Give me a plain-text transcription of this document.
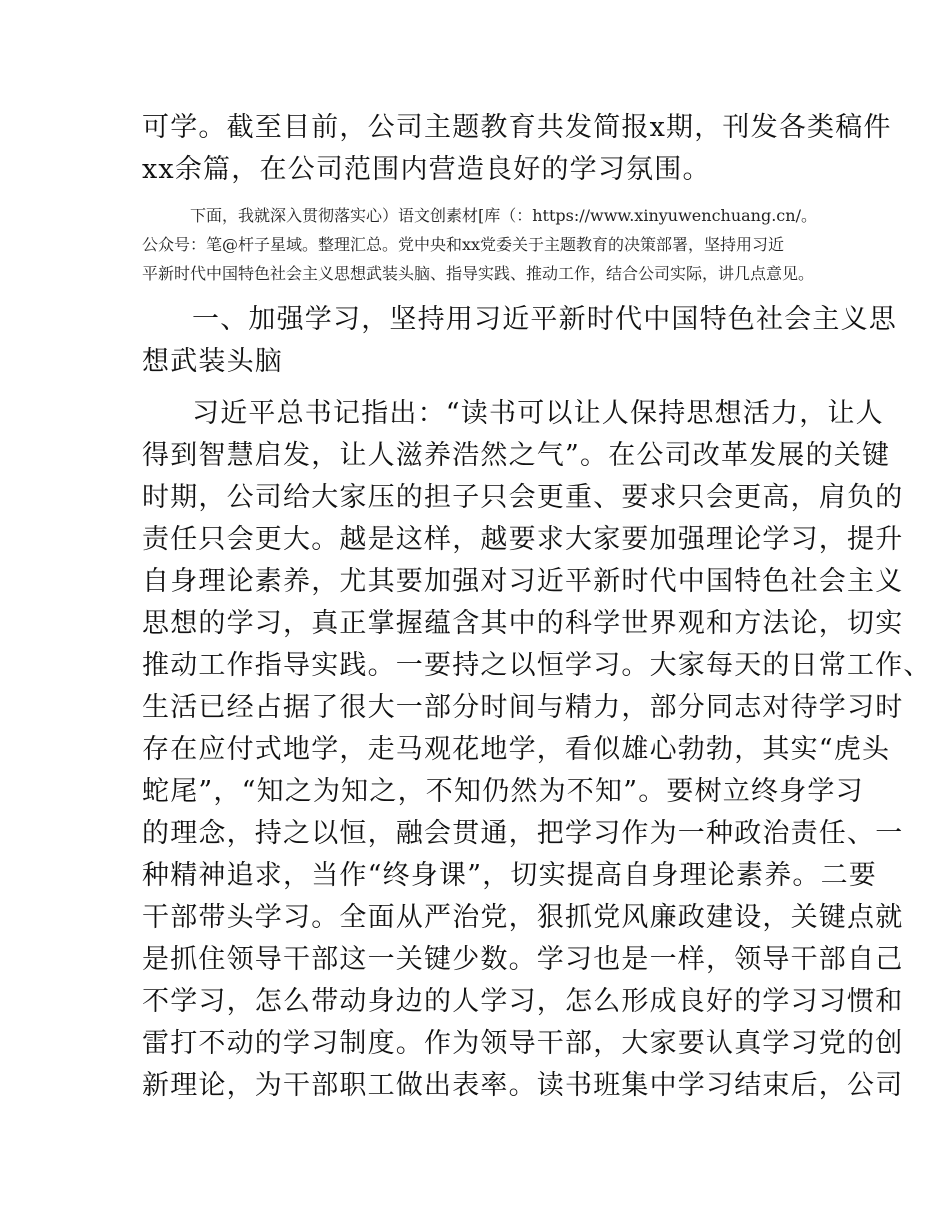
可学。截至目前，公司主题教育共发简报x期，刊发各类稿件
xx余篇，在公司范围内营造良好的学习氛围。
下面，我就深入贯彻落实心）语文创素材[库（：https://www.xinyuwenchuang.cn/。
公众号：笔@杆子星域。整理汇总。党中央和xx党委关于主题教育的决策部署，坚持用习近
平新时代中国特色社会主义思想武装头脑、指导实践、推动工作，结合公司实际，讲几点意见。
一、加强学习，坚持用习近平新时代中国特色社会主义思
想武装头脑
习近平总书记指出：“读书可以让人保持思想活力，让人
得到智慧启发，让人滋养浩然之气”。在公司改革发展的关键
时期，公司给大家压的担子只会更重、要求只会更高，肩负的
责任只会更大。越是这样，越要求大家要加强理论学习，提升
自身理论素养，尤其要加强对习近平新时代中国特色社会主义
思想的学习，真正掌握蕴含其中的科学世界观和方法论，切实
推动工作指导实践。一要持之以恒学习。大家每天的日常工作、
生活已经占据了很大一部分时间与精力，部分同志对待学习时
存在应付式地学，走马观花地学，看似雄心勃勃，其实“虎头
蛇尾”，“知之为知之，不知仍然为不知”。要树立终身学习
的理念，持之以恒，融会贯通，把学习作为一种政治责任、一
种精神追求，当作“终身课”，切实提高自身理论素养。二要
干部带头学习。全面从严治党，狠抓党风廉政建设，关键点就
是抓住领导干部这一关键少数。学习也是一样，领导干部自己
不学习，怎么带动身边的人学习，怎么形成良好的学习习惯和
雷打不动的学习制度。作为领导干部，大家要认真学习党的创
新理论，为干部职工做出表率。读书班集中学习结束后，公司
